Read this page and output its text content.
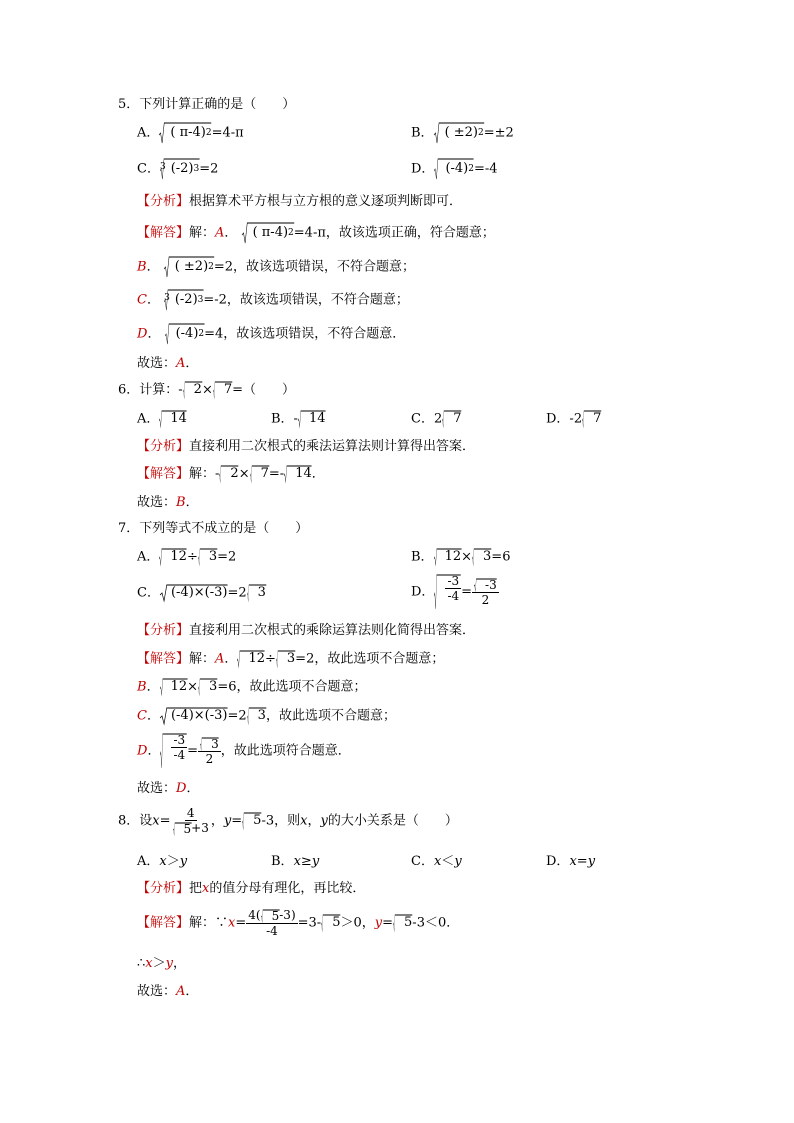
5．下列计算正确的是（　　）
A． ( π-4)$^2$=4-π	B． ( ±2)$^2$=±2
C．$^3$ $(-2)^3=2$	D． $(-4)^2=-4$
【分析】根据算术平方根与立方根的意义逐项判断即可．
【解答】解：A．
( π-4)$^2$=4-π，故该选项正确，符合题意；
B．
( ±2)$^2$=2，故该选项错误，不符合题意；
C． $^3$ $(-2)^3=-2$，故该选项错误，不符合题意；
D．
$(-4)^2=4$，故该选项错误，不符合题意．
故选：A．
6．计算：- 2× 7=（　　）
A． 14	B．- 14	C．2 7	D．-2 7
【分析】直接利用二次根式的乘法运算法则计算得出答案．
【解答】解：- 2× 7=- 14．
故选：B．
7．下列等式不成立的是（　　）
A． 12÷ 3=2	B． 12× 3=6
C． (-4)×(-3)=2 3	D． $\frac{-3}{-4} = \frac{-3}{2}$
【分析】直接利用二次根式的乘除运算法则化简得出答案．
【解答】解：A． 12÷ 3=2，故此选项不合题意；
B． 12× 3=6，故此选项不合题意；
C． (-4)×(-3)=2 3，故此选项不合题意；
D． $\frac{-3}{-4} = \frac{3}{2}$ ，故此选项符合题意．
故选：D．
8．设$x= \frac{4}{5+3}$ ，y= 5-3，则x，y的大小关系是（　　）
A．x＞y	B．x≥y	C．x＜y	D．x=y
【分析】把x的值分母有理化，再比较．
【解答】解：∵x= $\frac{4( 5-3)}{-4} =3-$ 5＞0，y= 5-3＜0．
∴x＞y，
故选：A．
